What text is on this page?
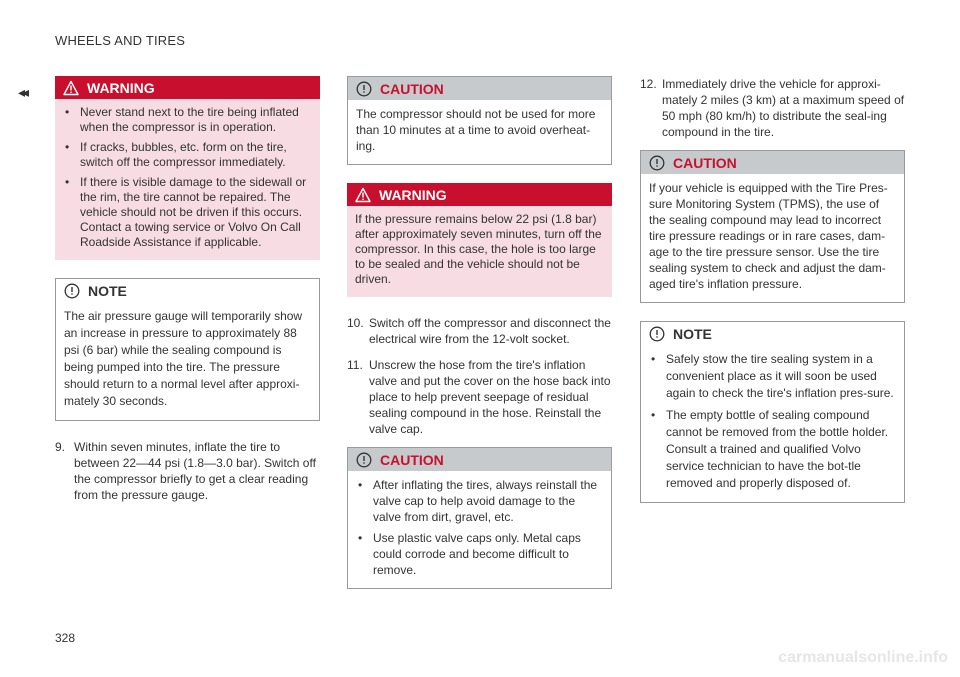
WHEELS AND TIRES
◂◂	WARNING
• Never stand next to the tire being inflated when the compressor is in operation.
• If cracks, bubbles, etc. form on the tire, switch off the compressor immediately.
• If there is visible damage to the sidewall or the rim, the tire cannot be repaired. The vehicle should not be driven if this occurs. Contact a towing service or Volvo On Call Roadside Assistance if applicable.
NOTE
The air pressure gauge will temporarily show an increase in pressure to approximately 88 psi (6 bar) while the sealing compound is being pumped into the tire. The pressure should return to a normal level after approxi-mately 30 seconds.
9. Within seven minutes, inflate the tire to between 22—44 psi (1.8—3.0 bar). Switch off the compressor briefly to get a clear reading from the pressure gauge.
CAUTION
The compressor should not be used for more than 10 minutes at a time to avoid overheat-ing.
WARNING
If the pressure remains below 22 psi (1.8 bar) after approximately seven minutes, turn off the compressor. In this case, the hole is too large to be sealed and the vehicle should not be driven.
10. Switch off the compressor and disconnect the electrical wire from the 12-volt socket.
11. Unscrew the hose from the tire's inflation valve and put the cover on the hose back into place to help prevent seepage of residual sealing compound in the hose. Reinstall the valve cap.
CAUTION
• After inflating the tires, always reinstall the valve cap to help avoid damage to the valve from dirt, gravel, etc.
• Use plastic valve caps only. Metal caps could corrode and become difficult to remove.
12. Immediately drive the vehicle for approxi-mately 2 miles (3 km) at a maximum speed of 50 mph (80 km/h) to distribute the seal-ing compound in the tire.
CAUTION
If your vehicle is equipped with the Tire Pres-sure Monitoring System (TPMS), the use of the sealing compound may lead to incorrect tire pressure readings or in rare cases, dam-age to the tire pressure sensor. Use the tire sealing system to check and adjust the dam-aged tire's inflation pressure.
NOTE
• Safely stow the tire sealing system in a convenient place as it will soon be used again to check the tire's inflation pres-sure.
• The empty bottle of sealing compound cannot be removed from the bottle holder. Consult a trained and qualified Volvo service technician to have the bot-tle removed and properly disposed of.
328
carmanualsonline.info
